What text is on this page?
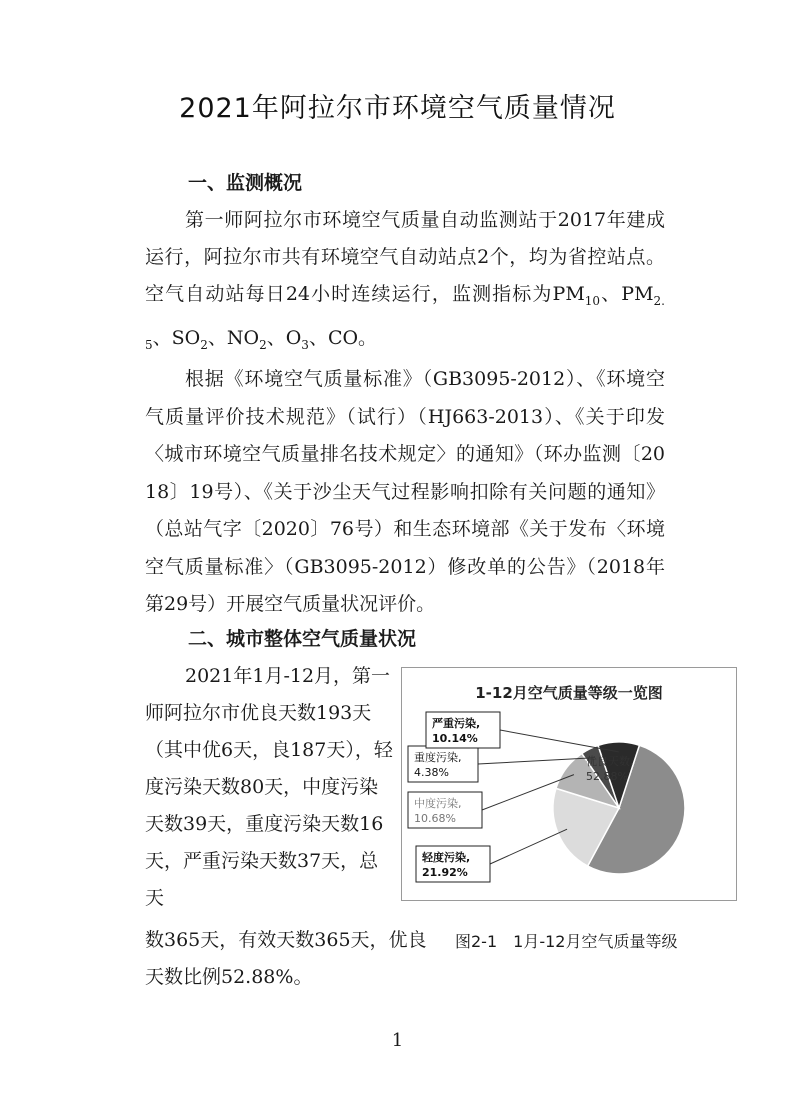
2021年阿拉尔市环境空气质量情况
一、监测概况

第一师阿拉尔市环境空气质量自动监测站于2017年建成运行，阿拉尔市共有环境空气自动站点2个，均为省控站点。空气自动站每日24小时连续运行，监测指标为$PM_{10}$、$PM_{2.5}$、$SO_2$、$NO_2$、$O_3$、CO。

根据《环境空气质量标准》（GB3095-2012）、《环境空气质量评价技术规范》（试行）（HJ663-2013）、《关于印发〈城市环境空气质量排名技术规定〉的通知》（环办监测〔2018〕19号）、《关于沙尘天气过程影响扣除有关问题的通知》（总站气字〔2020〕76号）和生态环境部《关于发布〈环境空气质量标准〉（GB3095-2012）修改单的公告》（2018年第29号）开展空气质量状况评价。

二、城市整体空气质量状况

2021年1月-12月，第一师阿拉尔市优良天数193天（其中优6天，良187天），轻度污染天数80天，中度污染天数39天，重度污染天数16天，严重污染天数37天，总天

数365天，有效天数365天，优良天数比例52.88%。
1-12月空气质量等级一览图
优良天数,
52.88%
轻度污染,
21.92%
中度污染,
10.68%
重度污染,
4.38%
严重污染,
10.14%
图2-1　1月-12月空气质量等级
1
